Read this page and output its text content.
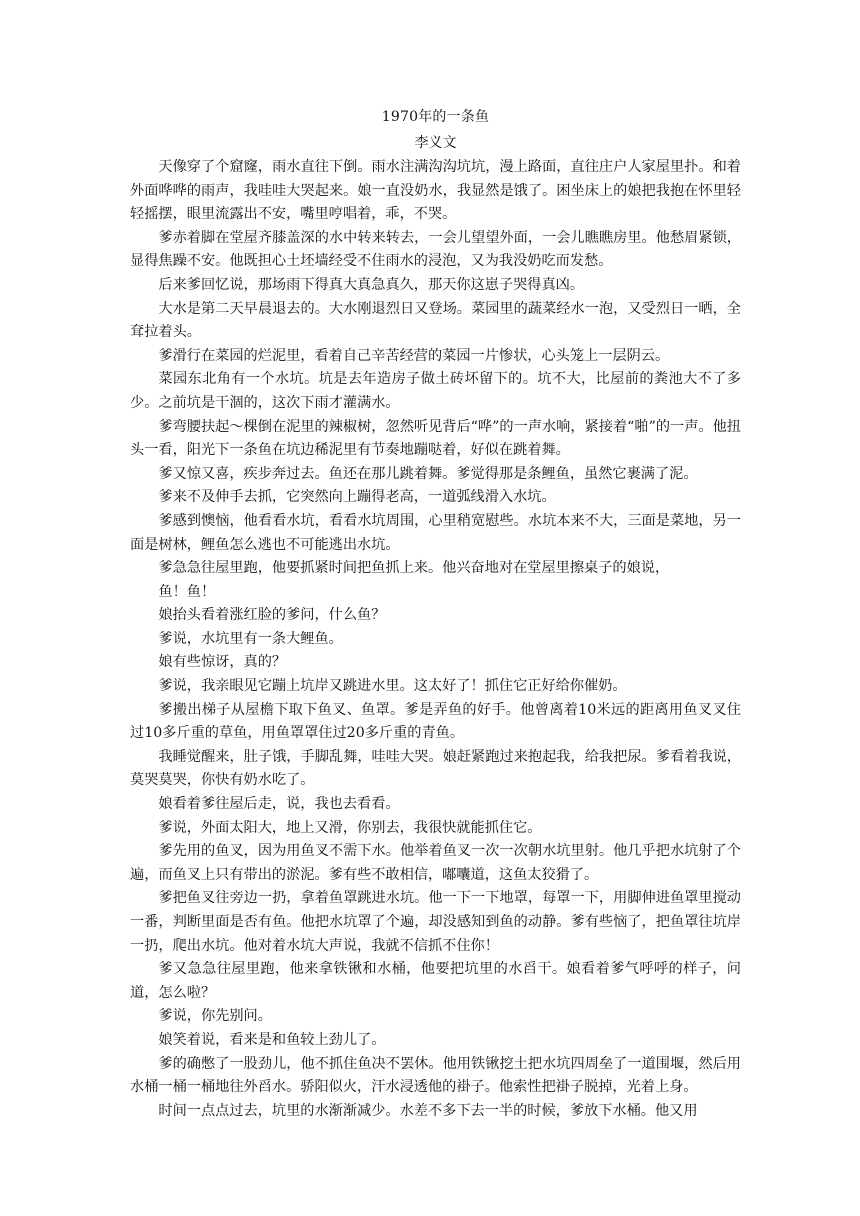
1970年的一条鱼
李义文

天像穿了个窟窿，雨水直往下倒。雨水注满沟沟坑坑，漫上路面，直往庄户人家屋里扑。和着外面哗哗的雨声，我哇哇大哭起来。娘一直没奶水，我显然是饿了。困坐床上的娘把我抱在怀里轻轻摇摆，眼里流露出不安，嘴里哼唱着，乖，不哭。

爹赤着脚在堂屋齐膝盖深的水中转来转去，一会儿望望外面，一会儿瞧瞧房里。他愁眉紧锁，显得焦躁不安。他既担心土坯墙经受不住雨水的浸泡，又为我没奶吃而发愁。

后来爹回忆说，那场雨下得真大真急真久，那天你这崽子哭得真凶。

大水是第二天早晨退去的。大水刚退烈日又登场。菜园里的蔬菜经水一泡，又受烈日一晒，全耷拉着头。

爹滑行在菜园的烂泥里，看着自己辛苦经营的菜园一片惨状，心头笼上一层阴云。

菜园东北角有一个水坑。坑是去年造房子做土砖坏留下的。坑不大，比屋前的粪池大不了多少。之前坑是干涸的，这次下雨才灌满水。

爹弯腰扶起～棵倒在泥里的辣椒树，忽然听见背后“哗”的一声水响，紧接着“啪”的一声。他扭头一看，阳光下一条鱼在坑边稀泥里有节奏地蹦哒着，好似在跳着舞。

爹又惊又喜，疾步奔过去。鱼还在那儿跳着舞。爹觉得那是条鲤鱼，虽然它裹满了泥。

爹来不及伸手去抓，它突然向上蹦得老高，一道弧线滑入水坑。

爹感到懊恼，他看看水坑，看看水坑周围，心里稍宽慰些。水坑本来不大，三面是菜地，另一面是树林，鲤鱼怎么逃也不可能逃出水坑。

爹急急往屋里跑，他要抓紧时间把鱼抓上来。他兴奋地对在堂屋里擦桌子的娘说，

鱼！鱼！

娘抬头看着涨红脸的爹问，什么鱼？

爹说，水坑里有一条大鲤鱼。

娘有些惊讶，真的？

爹说，我亲眼见它蹦上坑岸又跳进水里。这太好了！抓住它正好给你催奶。

爹搬出梯子从屋檐下取下鱼叉、鱼罩。爹是弄鱼的好手。他曾离着10米远的距离用鱼叉叉住过10多斤重的草鱼，用鱼罩罩住过20多斤重的青鱼。

我睡觉醒来，肚子饿，手脚乱舞，哇哇大哭。娘赶紧跑过来抱起我，给我把尿。爹看着我说，莫哭莫哭，你快有奶水吃了。

娘看着爹往屋后走，说，我也去看看。

爹说，外面太阳大，地上又滑，你别去，我很快就能抓住它。

爹先用的鱼叉，因为用鱼叉不需下水。他举着鱼叉一次一次朝水坑里射。他几乎把水坑射了个遍，而鱼叉上只有带出的淤泥。爹有些不敢相信，嘟囔道，这鱼太狡猾了。

爹把鱼叉往旁边一扔，拿着鱼罩跳进水坑。他一下一下地罩，每罩一下，用脚伸进鱼罩里搅动一番，判断里面是否有鱼。他把水坑罩了个遍，却没感知到鱼的动静。爹有些恼了，把鱼罩往坑岸一扔，爬出水坑。他对着水坑大声说，我就不信抓不住你！

爹又急急往屋里跑，他来拿铁锹和水桶，他要把坑里的水舀干。娘看着爹气呼呼的样子，问道，怎么啦？

爹说，你先别问。

娘笑着说，看来是和鱼较上劲儿了。

爹的确憋了一股劲儿，他不抓住鱼决不罢休。他用铁锹挖土把水坑四周垒了一道围堰，然后用水桶一桶一桶地往外舀水。骄阳似火，汗水浸透他的褂子。他索性把褂子脱掉，光着上身。

时间一点点过去，坑里的水渐渐减少。水差不多下去一半的时候，爹放下水桶。他又用
